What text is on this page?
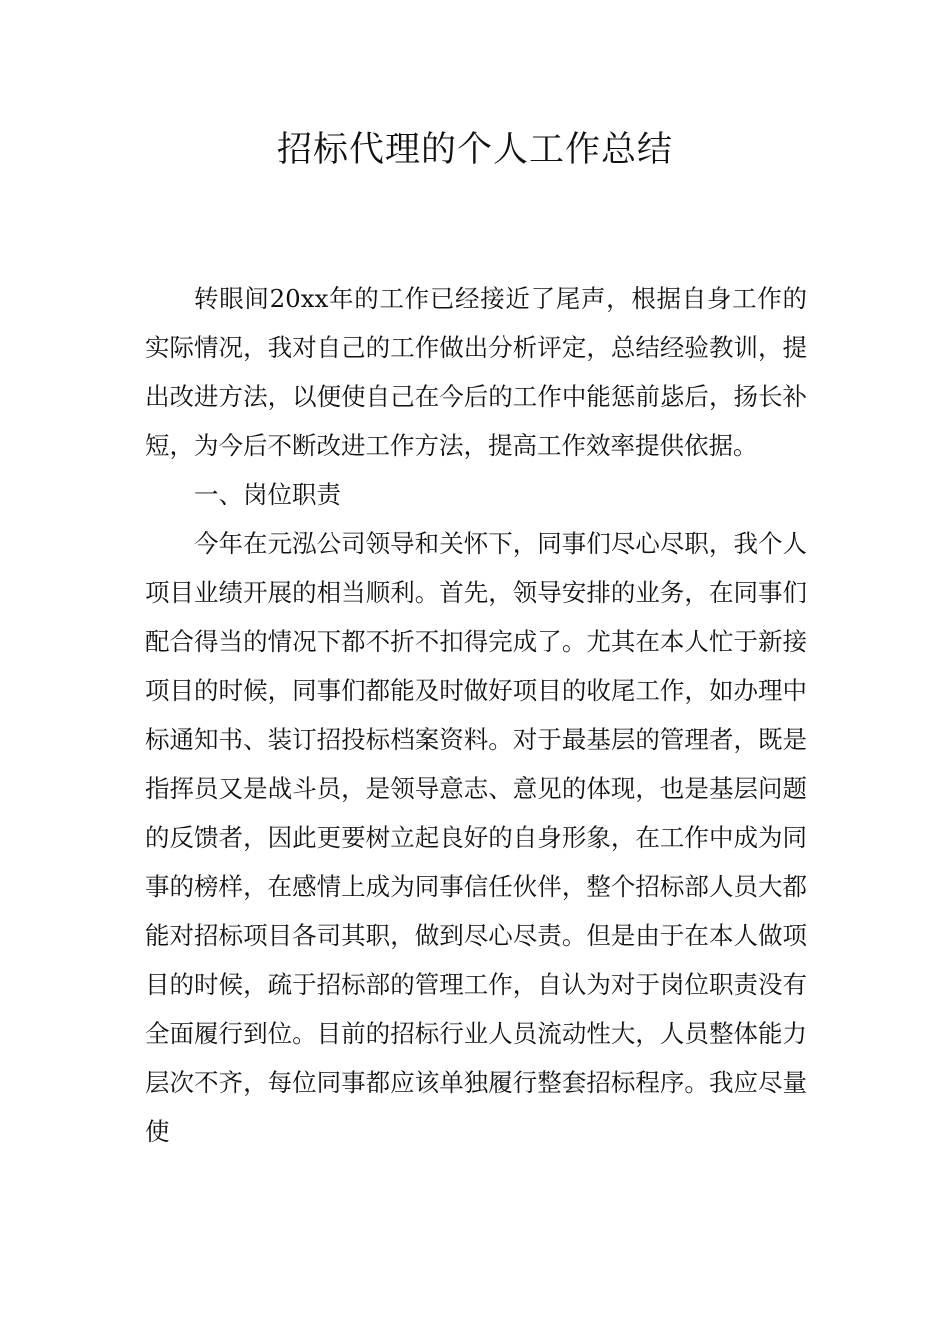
招标代理的个人工作总结

转眼间20xx年的工作已经接近了尾声，根据自身工作的实际情况，我对自己的工作做出分析评定，总结经验教训，提出改进方法，以便使自己在今后的工作中能惩前毖后，扬长补短，为今后不断改进工作方法，提高工作效率提供依据。

一、岗位职责

今年在元泓公司领导和关怀下，同事们尽心尽职，我个人项目业绩开展的相当顺利。首先，领导安排的业务，在同事们配合得当的情况下都不折不扣得完成了。尤其在本人忙于新接项目的时候，同事们都能及时做好项目的收尾工作，如办理中标通知书、装订招投标档案资料。对于最基层的管理者，既是指挥员又是战斗员，是领导意志、意见的体现，也是基层问题的反馈者，因此更要树立起良好的自身形象，在工作中成为同事的榜样，在感情上成为同事信任伙伴，整个招标部人员大都能对招标项目各司其职，做到尽心尽责。但是由于在本人做项目的时候，疏于招标部的管理工作，自认为对于岗位职责没有全面履行到位。目前的招标行业人员流动性大，人员整体能力层次不齐，每位同事都应该单独履行整套招标程序。我应尽量使
